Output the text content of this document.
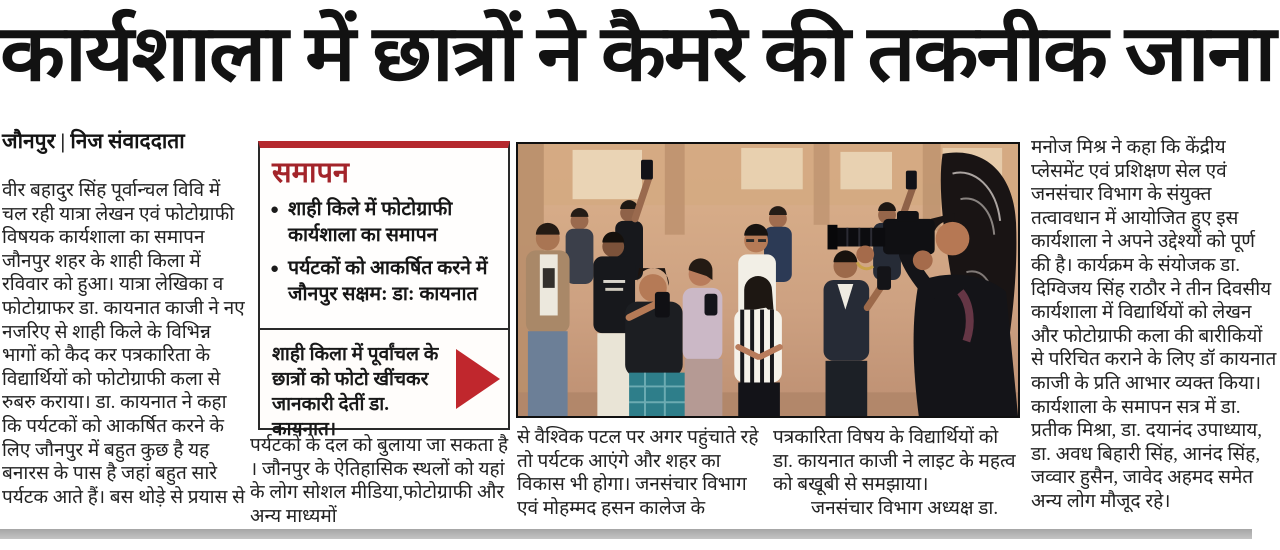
कार्यशाला में छात्रों ने कैमरे की तकनीक जाना
जौनपुर | निज संवाददाता
वीर बहादुर सिंह पूर्वान्चल विवि में चल रही यात्रा लेखन एवं फोटोग्राफी विषयक कार्यशाला का समापन जौनपुर शहर के शाही किला में रविवार को हुआ। यात्रा लेखिका व फोटोग्राफर डा. कायनात काजी ने नए नजरिए से शाही किले के विभिन्न भागों को कैद कर पत्रकारिता के विद्यार्थियों को फोटोग्राफी कला से रुबरु कराया। डा. कायनात ने कहा कि पर्यटकों को आकर्षित करने के लिए जौनपुर में बहुत कुछ है यह बनारस के पास है जहां बहुत सारे पर्यटक आते हैं। बस थोड़े से प्रयास से
समापन
● शाही किले में फोटोग्राफी कार्यशाला का समापन
● पर्यटकों को आकर्षित करने में जौनपुर सक्षम: डा: कायनात
शाही किला में पूर्वांचल के छात्रों को फोटो खींचकर जानकारी देतीं डा. कायनात।
पर्यटकों के दल को बुलाया जा सकता है । जौनपुर के ऐतिहासिक स्थलों को यहां के लोग सोशल मीडिया,फोटोग्राफी और अन्य माध्यमों
से वैश्विक पटल पर अगर पहुंचाते रहे तो पर्यटक आएंगे और शहर का विकास भी होगा। जनसंचार विभाग एवं मोहम्मद हसन कालेज के
पत्रकारिता विषय के विद्यार्थियों को डा. कायनात काजी ने लाइट के महत्व को बखूबी से समझाया।
जनसंचार विभाग अध्यक्ष डा.
मनोज मिश्र ने कहा कि केंद्रीय प्लेसमेंट एवं प्रशिक्षण सेल एवं जनसंचार विभाग के संयुक्त तत्वावधान में आयोजित हुए इस कार्यशाला ने अपने उद्देश्यों को पूर्ण की है। कार्यक्रम के संयोजक डा. दिग्विजय सिंह राठौर ने तीन दिवसीय कार्यशाला में विद्यार्थियों को लेखन और फोटोग्राफी कला की बारीकियों से परिचित कराने के लिए डॉ कायनात काजी के प्रति आभार व्यक्त किया। कार्यशाला के समापन सत्र में डा. प्रतीक मिश्रा, डा. दयानंद उपाध्याय, डा. अवध बिहारी सिंह, आनंद सिंह, जव्वार हुसैन, जावेद अहमद समेत अन्य लोग मौजूद रहे।
